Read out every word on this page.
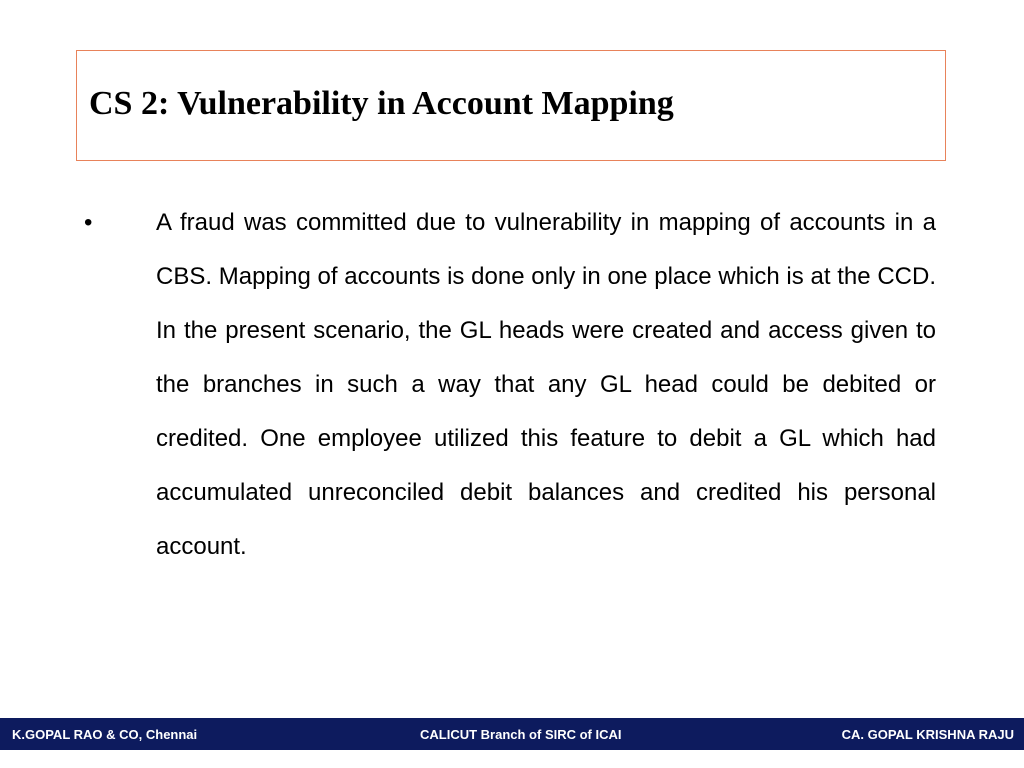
CS 2: Vulnerability in Account Mapping
•	A fraud was committed due to vulnerability in mapping of accounts in a CBS. Mapping of accounts is done only in one place which is at the CCD. In the present scenario, the GL heads were created and access given to the branches in such a way that any GL head could be debited or credited. One employee utilized this feature to debit a GL which had accumulated unreconciled debit balances and credited his personal account.
K.GOPAL RAO & CO, Chennai	CALICUT Branch of SIRC of ICAI	CA. GOPAL KRISHNA RAJU
